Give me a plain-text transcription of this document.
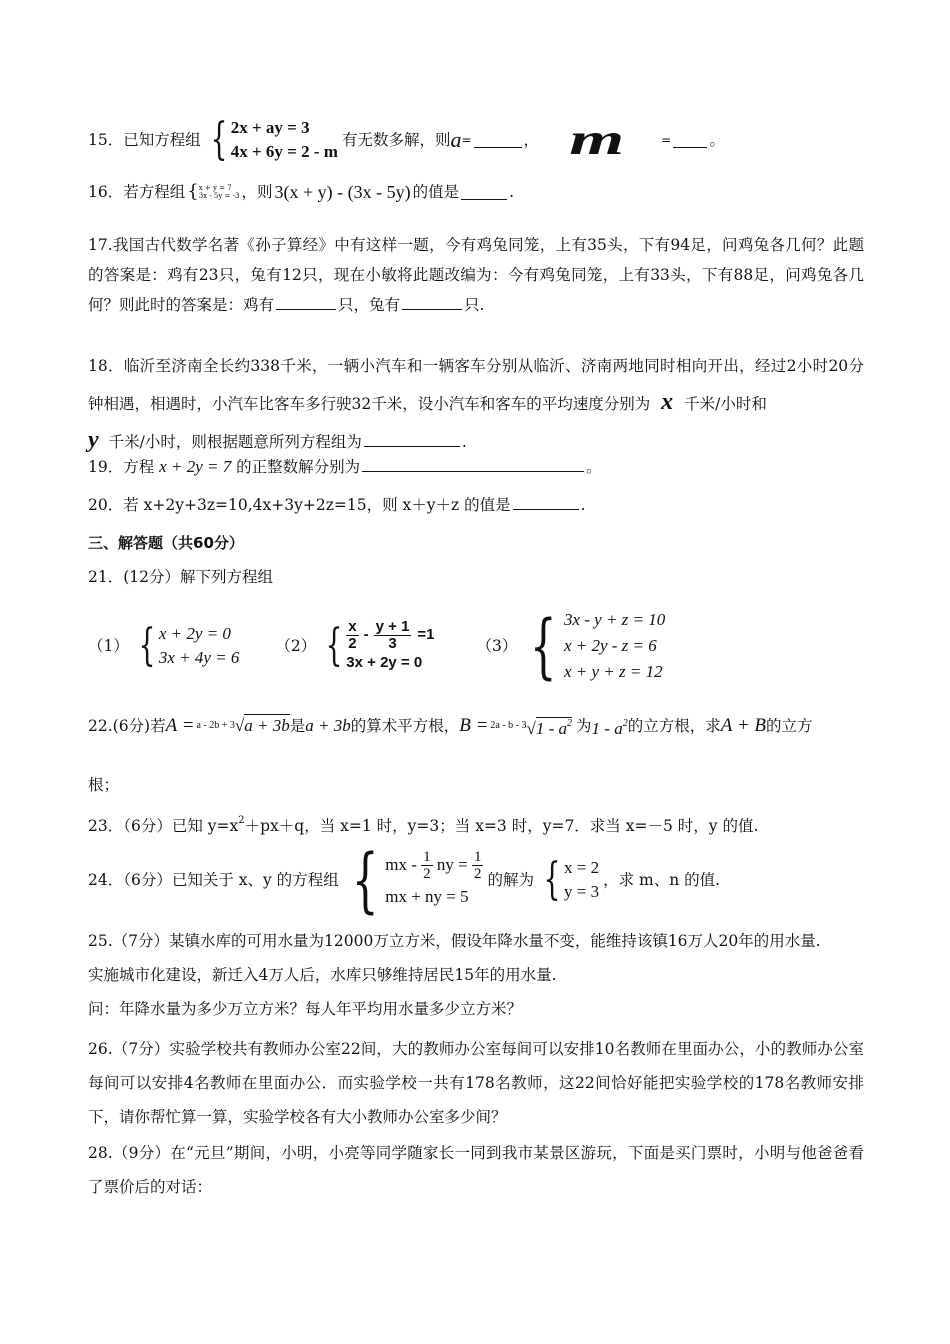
15．已知方程组 { 2x + ay = 3
4x + 6y = 2 - m
有无数多解，则 a =	， m	= 。
16．若方程组 { x + y = 7
3x - 5y = -3 ，则 3(x + y) - (3x - 5y) 的值是	.
17.我国古代数学名著《孙子算经》中有这样一题，今有鸡兔同笼，上有35头，下有94足，问鸡兔各几何？此题的答案是：鸡有23只，兔有12只，现在小敏将此题改编为：今有鸡兔同笼，上有33头，下有88足，问鸡兔各几何？则此时的答案是：鸡有	只，兔有	只.
18．临沂至济南全长约338千米，一辆小汽车和一辆客车分别从临沂、济南两地同时相向开出，经过2小时20分钟相遇，相遇时，小汽车比客车多行驶32千米，设小汽车和客车的平均速度分别为 x 千米/小时和
y 千米/小时，则根据题意所列方程组为	.
19．方程 x + 2y = 7 的正整数解分别为	。
20．若 x+2y+3z=10,4x+3y+2z=15，则 x＋y＋z 的值是	.
三、解答题（共60分）
21．(12分）解下列方程组
（1） { x + 2y = 0
3x + 4y = 6
（2） { $\frac{x}{2} - \frac{y + 1}{3} =1$
3x + 2y = 0
（3） { 3x - y + z = 10
x + 2y - z = 6
x + y + z = 12
22.(6分)若 A = a - 2b + 3 √a + 3b 是 a + 3b 的算术平方根， B = 2a - b - 3 $√1 - a^2$ 为 $1 - a^2$ 的立方根，求 A + B 的立方
根；
23．（6分）已知 $y=x^2+px+q$，当 x=1 时，y=3；当 x=3 时，y=7．求当 x=－5 时，y 的值.
24．（6分）已知关于 x、y 的方程组 { mx - $\frac{1}{2}$ ny = $\frac{1}{2}$
mx + ny = 5
的解为 { x = 2
y = 3
，求 m、n 的值.
25.（7分）某镇水库的可用水量为12000万立方米，假设年降水量不变，能维持该镇16万人20年的用水量.
实施城市化建设，新迁入4万人后，水库只够维持居民15年的用水量.
问：年降水量为多少万立方米？每人年平均用水量多少立方米？
26.（7分）实验学校共有教师办公室22间，大的教师办公室每间可以安排10名教师在里面办公，小的教师办公室每间可以安排4名教师在里面办公．而实验学校一共有178名教师，这22间恰好能把实验学校的178名教师安排下，请你帮忙算一算，实验学校各有大小教师办公室多少间？
28.（9分）在“元旦”期间，小明，小亮等同学随家长一同到我市某景区游玩，下面是买门票时，小明与他爸爸看了票价后的对话：
